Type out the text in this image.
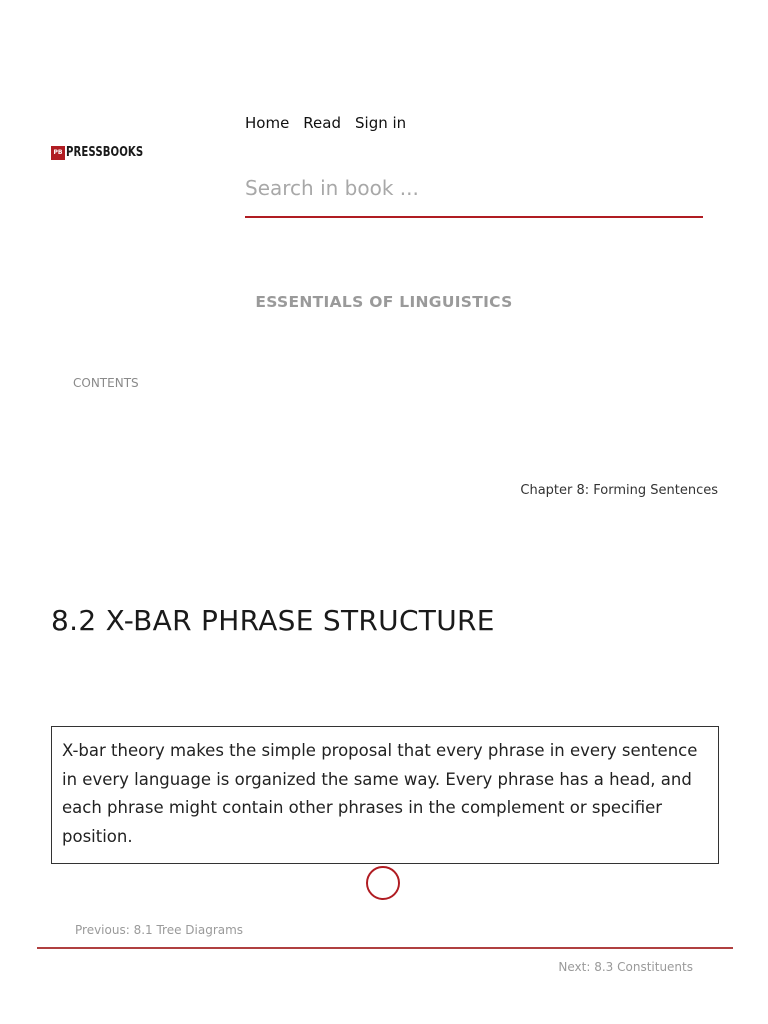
PB PRESSBOOKS
Home Read Sign in
Search in book ...
ESSENTIALS OF LINGUISTICS
CONTENTS
Chapter 8: Forming Sentences
8.2 X-BAR PHRASE STRUCTURE
X-bar theory makes the simple proposal that every phrase in every sentence in every language is organized the same way. Every phrase has a head, and each phrase might contain other phrases in the complement or specifier position.
Previous: 8.1 Tree Diagrams
Next: 8.3 Constituents
